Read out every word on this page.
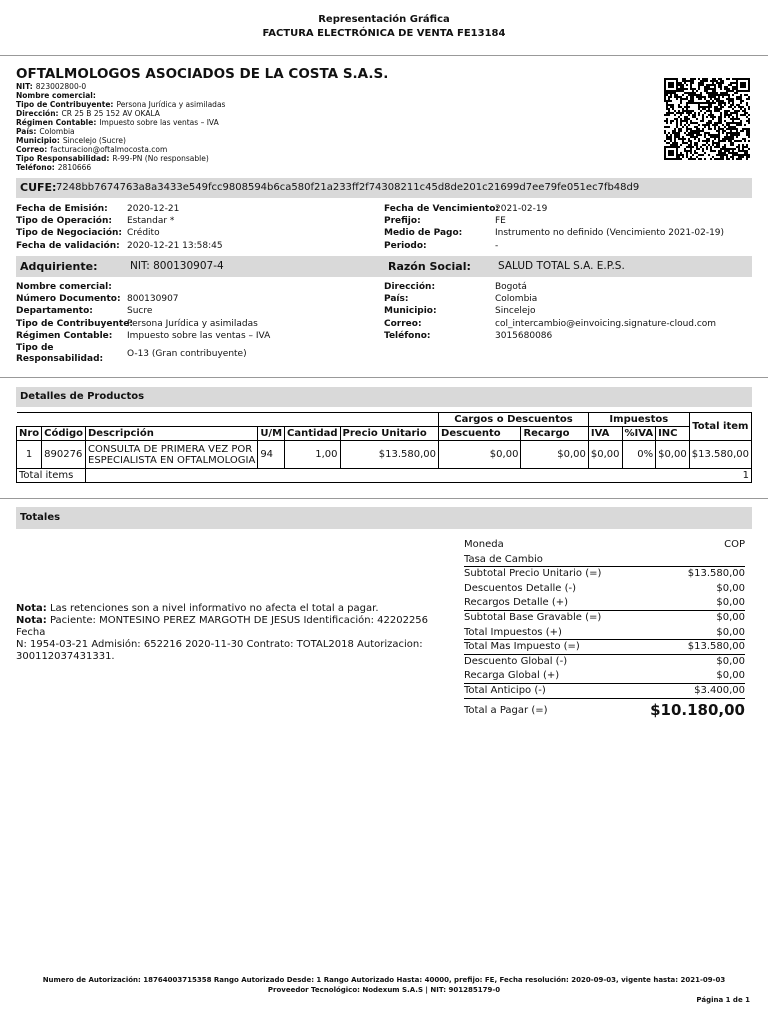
Representación Gráfica
FACTURA ELECTRÓNICA DE VENTA FE13184
OFTALMOLOGOS ASOCIADOS DE LA COSTA S.A.S.
NIT: 823002800-0
Nombre comercial:
Tipo de Contribuyente: Persona Jurídica y asimiladas
Dirección: CR 25 B 25 152 AV OKALA
Régimen Contable: Impuesto sobre las ventas – IVA
País: Colombia
Municipio: Sincelejo (Sucre)
Correo: facturacion@oftalmocosta.com
Tipo Responsabilidad: R-99-PN (No responsable)
Teléfono: 2810666
CUFE: 7248bb7674763a8a3433e549fcc9808594b6ca580f21a233ff2f74308211c45d8de201c21699d7ee79fe051ec7fb48d9
Fecha de Emisión: 2020-12-21
Tipo de Operación: Estandar *
Tipo de Negociación: Crédito
Fecha de validación: 2020-12-21 13:58:45
Fecha de Vencimiento:
2021-02-19
Prefijo:	FE
Medio de Pago:	Instrumento no definido (Vencimiento 2021-02-19)
Periodo:	-
Adquiriente:	NIT: 800130907-4	Razón Social:	SALUD TOTAL S.A. E.P.S.
Nombre comercial:
Número Documento: 800130907
Departamento:	Sucre
Tipo de Contribuyente:
Persona Jurídica y asimiladas
Régimen Contable: Impuesto sobre las ventas – IVA
Tipo de
Responsabilidad:	O-13 (Gran contribuyente)
Dirección:	Bogotá
País:	Colombia
Municipio:	Sincelejo
Correo:	col_intercambio@einvoicing.signature-cloud.com
Teléfono:	3015680086
Detalles de Productos
						Cargos o Descuentos		Impuestos			Total item
Nro	Código	Descripción	U/M	Cantidad	Precio Unitario	Descuento	Recargo	IVA	%IVA	INC	
1	890276	CONSULTA DE PRIMERA VEZ POR
ESPECIALISTA EN OFTALMOLOGIA	94	1,00	$13.580,00	$0,00	$0,00	$0,00	0%	$0,00	$13.580,00
Total items		1									
Totales
Nota: Las retenciones son a nivel informativo no afecta el total a pagar.
Nota: Paciente: MONTESINO PEREZ MARGOTH DE JESUS Identificación: 42202256 Fecha
N: 1954-03-21 Admisión: 652216 2020-11-30 Contrato: TOTAL2018 Autorizacion:
300112037431331.
Moneda	COP
Tasa de Cambio
Subtotal Precio Unitario (=)	$13.580,00
Descuentos Detalle (-)	$0,00
Recargos Detalle (+)	$0,00
Subtotal Base Gravable (=)	$0,00
Total Impuestos (+)	$0,00
Total Mas Impuesto (=)	$13.580,00
Descuento Global (-)	$0,00
Recarga Global (+)	$0,00
Total Anticipo (-)	$3.400,00
Total a Pagar (=)	$10.180,00
Numero de Autorización: 18764003715358 Rango Autorizado Desde: 1 Rango Autorizado Hasta: 40000, prefijo: FE, Fecha resolución: 2020-09-03, vigente hasta: 2021-09-03
Proveedor Tecnológico: Nodexum S.A.S | NIT: 901285179-0
Página 1 de 1
